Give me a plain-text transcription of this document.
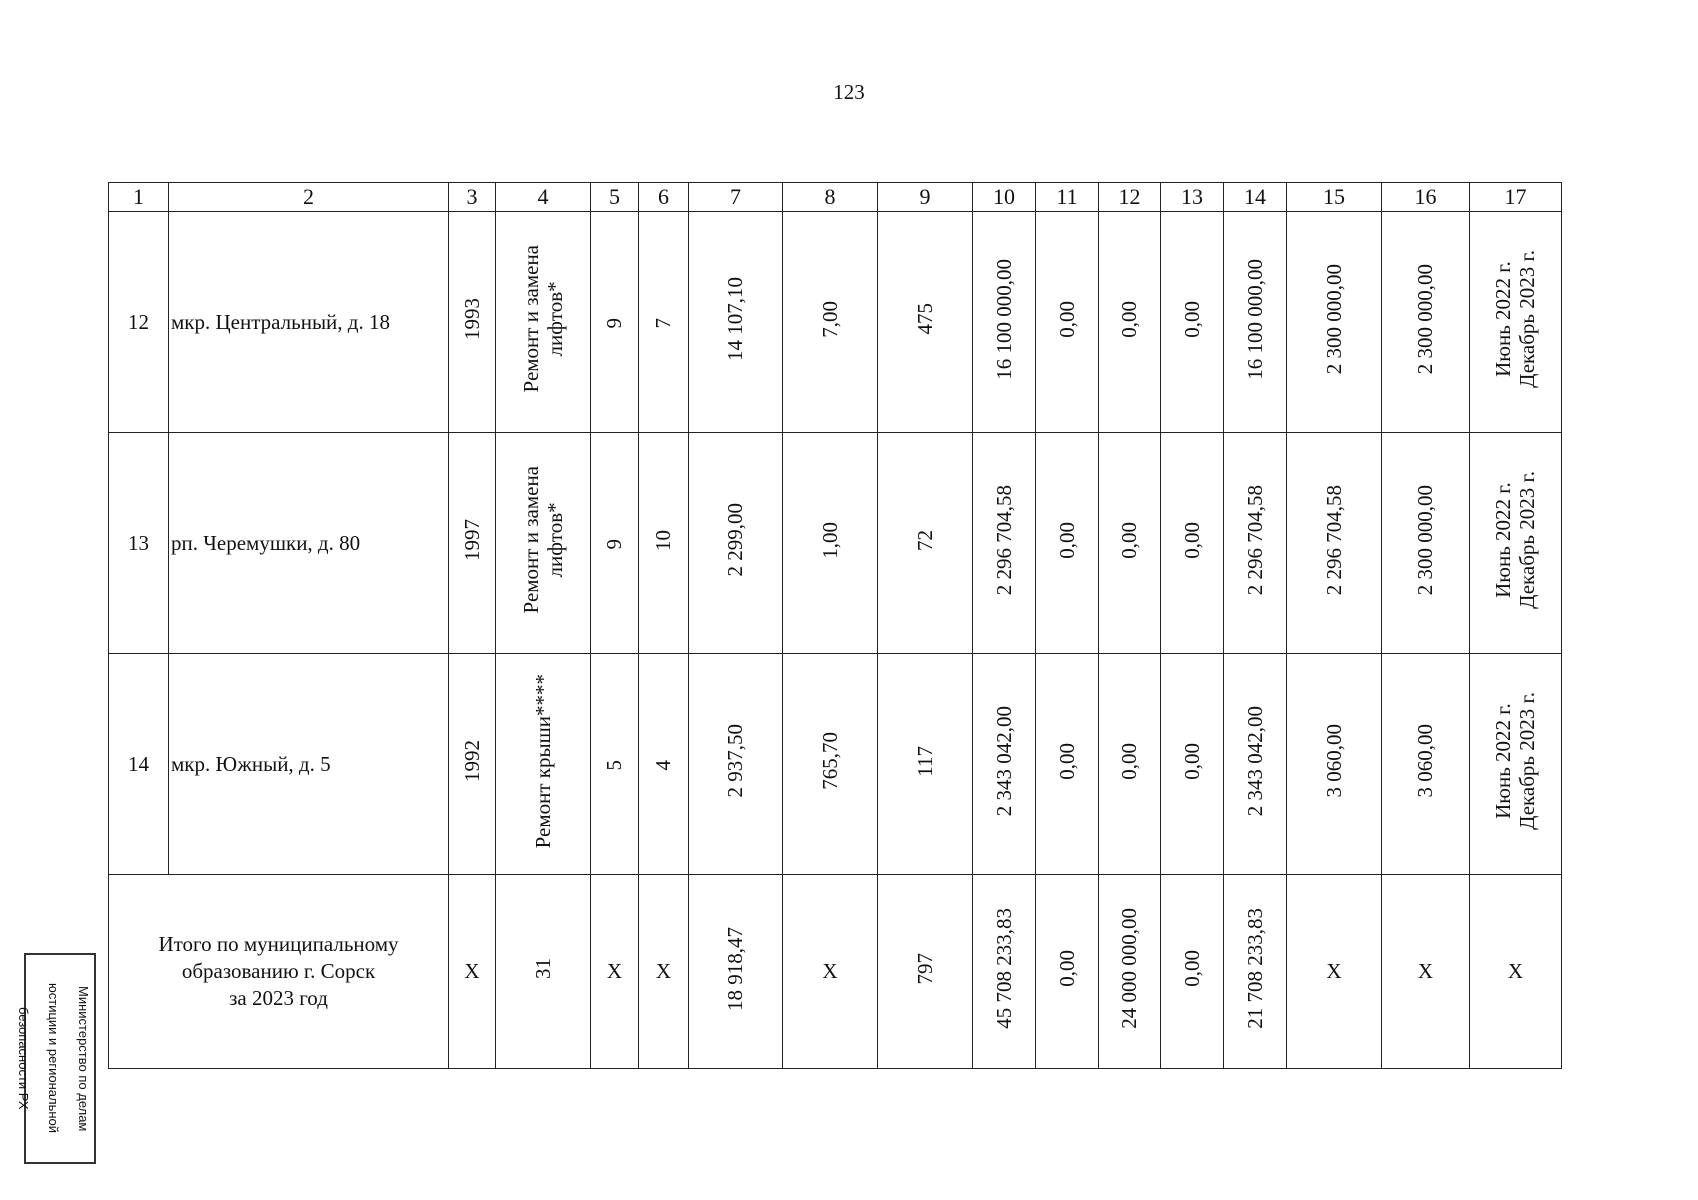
123
1	2	3	4	5	6	7	8	9	10	11	12	13	14	15	16	17
12	мкр. Центральный, д. 18	1993	Ремонт и замена
лифтов*	9	7	14 107,10	7,00	475	16 100 000,00	0,00	0,00	0,00	16 100 000,00	2 300 000,00	2 300 000,00	Июнь 2022 г.
Декабрь 2023 г.
13	рп. Черемушки, д. 80	1997	Ремонт и замена
лифтов*	9	10	2 299,00	1,00	72	2 296 704,58	0,00	0,00	0,00	2 296 704,58	2 296 704,58	2 300 000,00	Июнь 2022 г.
Декабрь 2023 г.
14	мкр. Южный, д. 5	1992	Ремонт крыши****	5	4	2 937,50	765,70	117	2 343 042,00	0,00	0,00	0,00	2 343 042,00	3 060,00	3 060,00	Июнь 2022 г.
Декабрь 2023 г.
Итого по муниципальному
образованию г. Сорск
за 2023 год		Х	31	Х	Х	18 918,47	Х	797	45 708 233,83	0,00	24 000 000,00	0,00	21 708 233,83	Х	Х	Х

Министерство по делам

юстиции и региональной

безопасности РХ
